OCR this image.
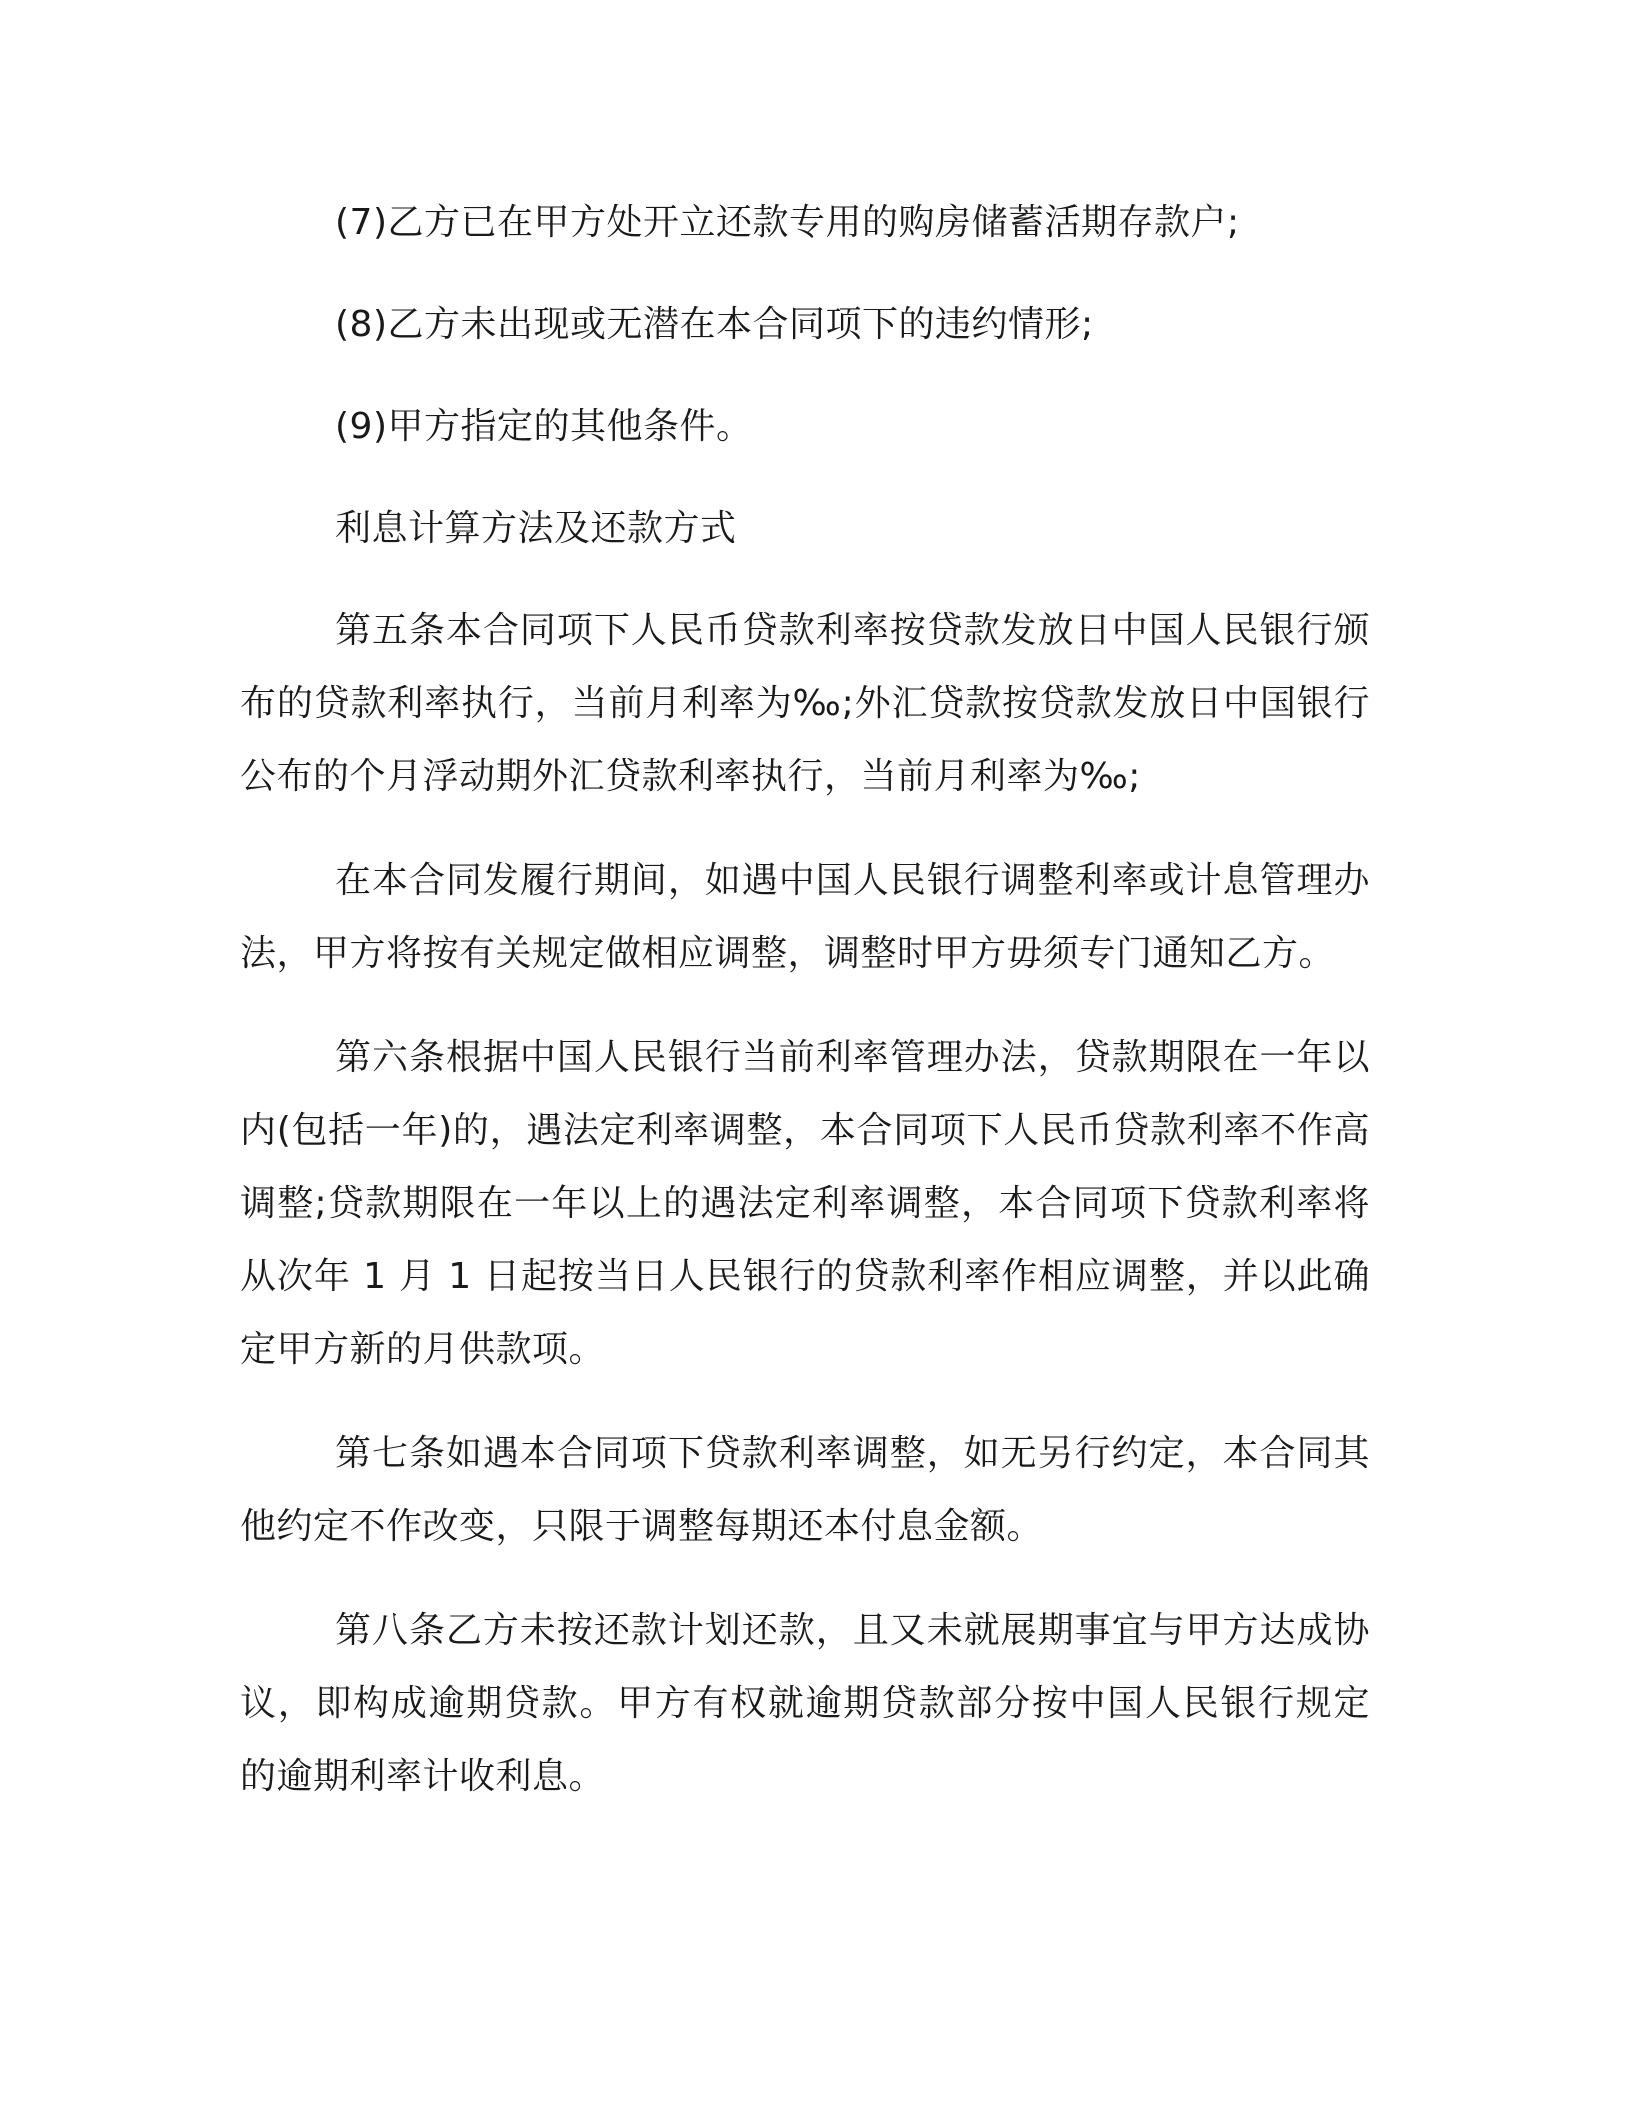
(7)乙方已在甲方处开立还款专用的购房储蓄活期存款户;

(8)乙方未出现或无潜在本合同项下的违约情形;

(9)甲方指定的其他条件。

利息计算方法及还款方式

第五条本合同项下人民币贷款利率按贷款发放日中国人民银行颁布的贷款利率执行，当前月利率为‰;外汇贷款按贷款发放日中国银行公布的个月浮动期外汇贷款利率执行，当前月利率为‰;

在本合同发履行期间，如遇中国人民银行调整利率或计息管理办法，甲方将按有关规定做相应调整，调整时甲方毋须专门通知乙方。

第六条根据中国人民银行当前利率管理办法，贷款期限在一年以内(包括一年)的，遇法定利率调整，本合同项下人民币贷款利率不作高调整;贷款期限在一年以上的遇法定利率调整，本合同项下贷款利率将从次年 1 月 1 日起按当日人民银行的贷款利率作相应调整，并以此确定甲方新的月供款项。

第七条如遇本合同项下贷款利率调整，如无另行约定，本合同其他约定不作改变，只限于调整每期还本付息金额。

第八条乙方未按还款计划还款，且又未就展期事宜与甲方达成协议，即构成逾期贷款。甲方有权就逾期贷款部分按中国人民银行规定的逾期利率计收利息。
